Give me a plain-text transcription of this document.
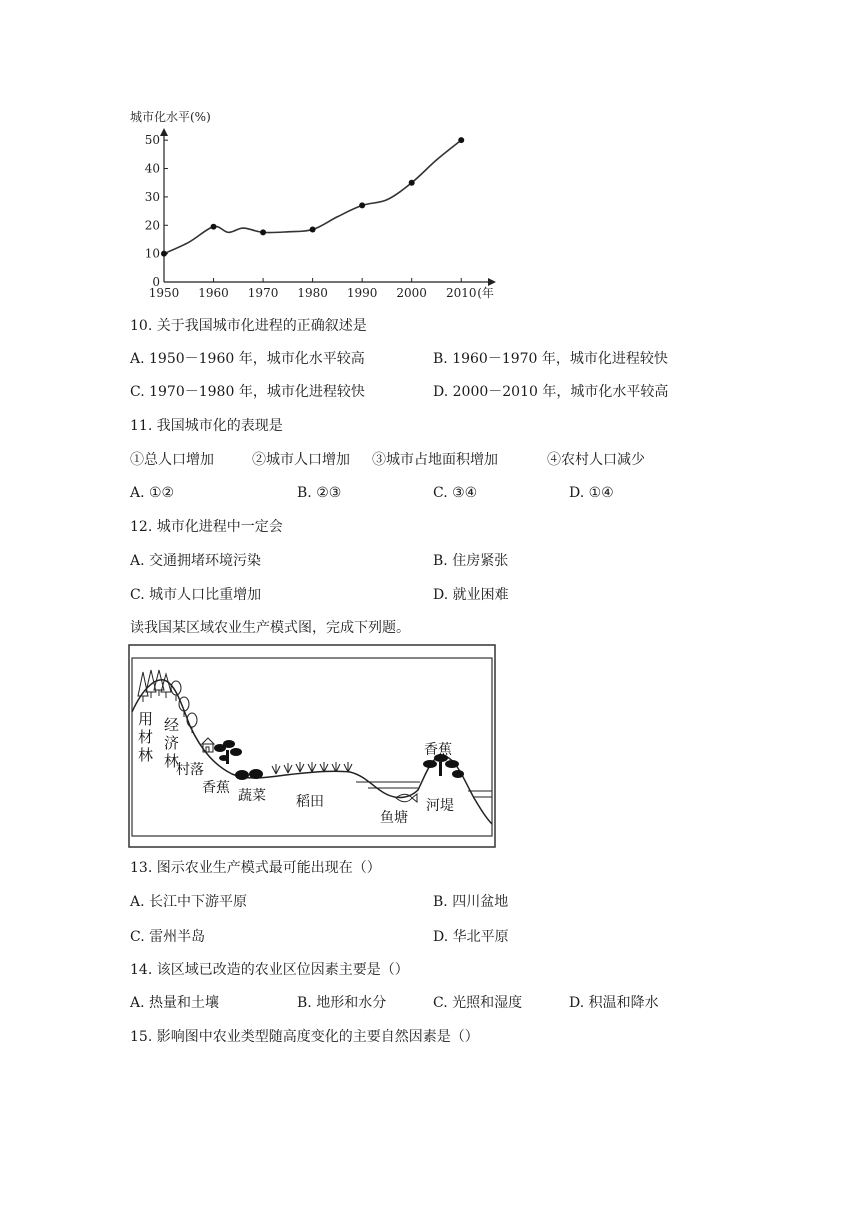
城市化水平(%)
0
10
20
30
40
50
1950 1960 1970 1980 1990 2000 2010 (年
10. 关于我国城市化进程的正确叙述是
A. 1950－1960 年，城市化水平较高	B. 1960－1970 年，城市化进程较快
C. 1970－1980 年，城市化进程较快	D. 2000－2010 年，城市化水平较高
11. 我国城市化的表现是
①总人口增加	②城市人口增加 ③城市占地面积增加	④农村人口减少
A. ①②	B. ②③	C. ③④	D. ①④
12. 城市化进程中一定会
A. 交通拥堵环境污染	B. 住房紧张
C. 城市人口比重增加	D. 就业困难
读我国某区域农业生产模式图，完成下列题。
用
材
林
经
济
林
村落
香蕉 蔬菜 稻田
香蕉
鱼塘
河堤
13. 图示农业生产模式最可能出现在（）
A. 长江中下游平原	B. 四川盆地
C. 雷州半岛	D. 华北平原
14. 该区域已改造的农业区位因素主要是（）
A. 热量和土壤	B. 地形和水分	C. 光照和湿度	D. 积温和降水
15. 影响图中农业类型随高度变化的主要自然因素是（）
